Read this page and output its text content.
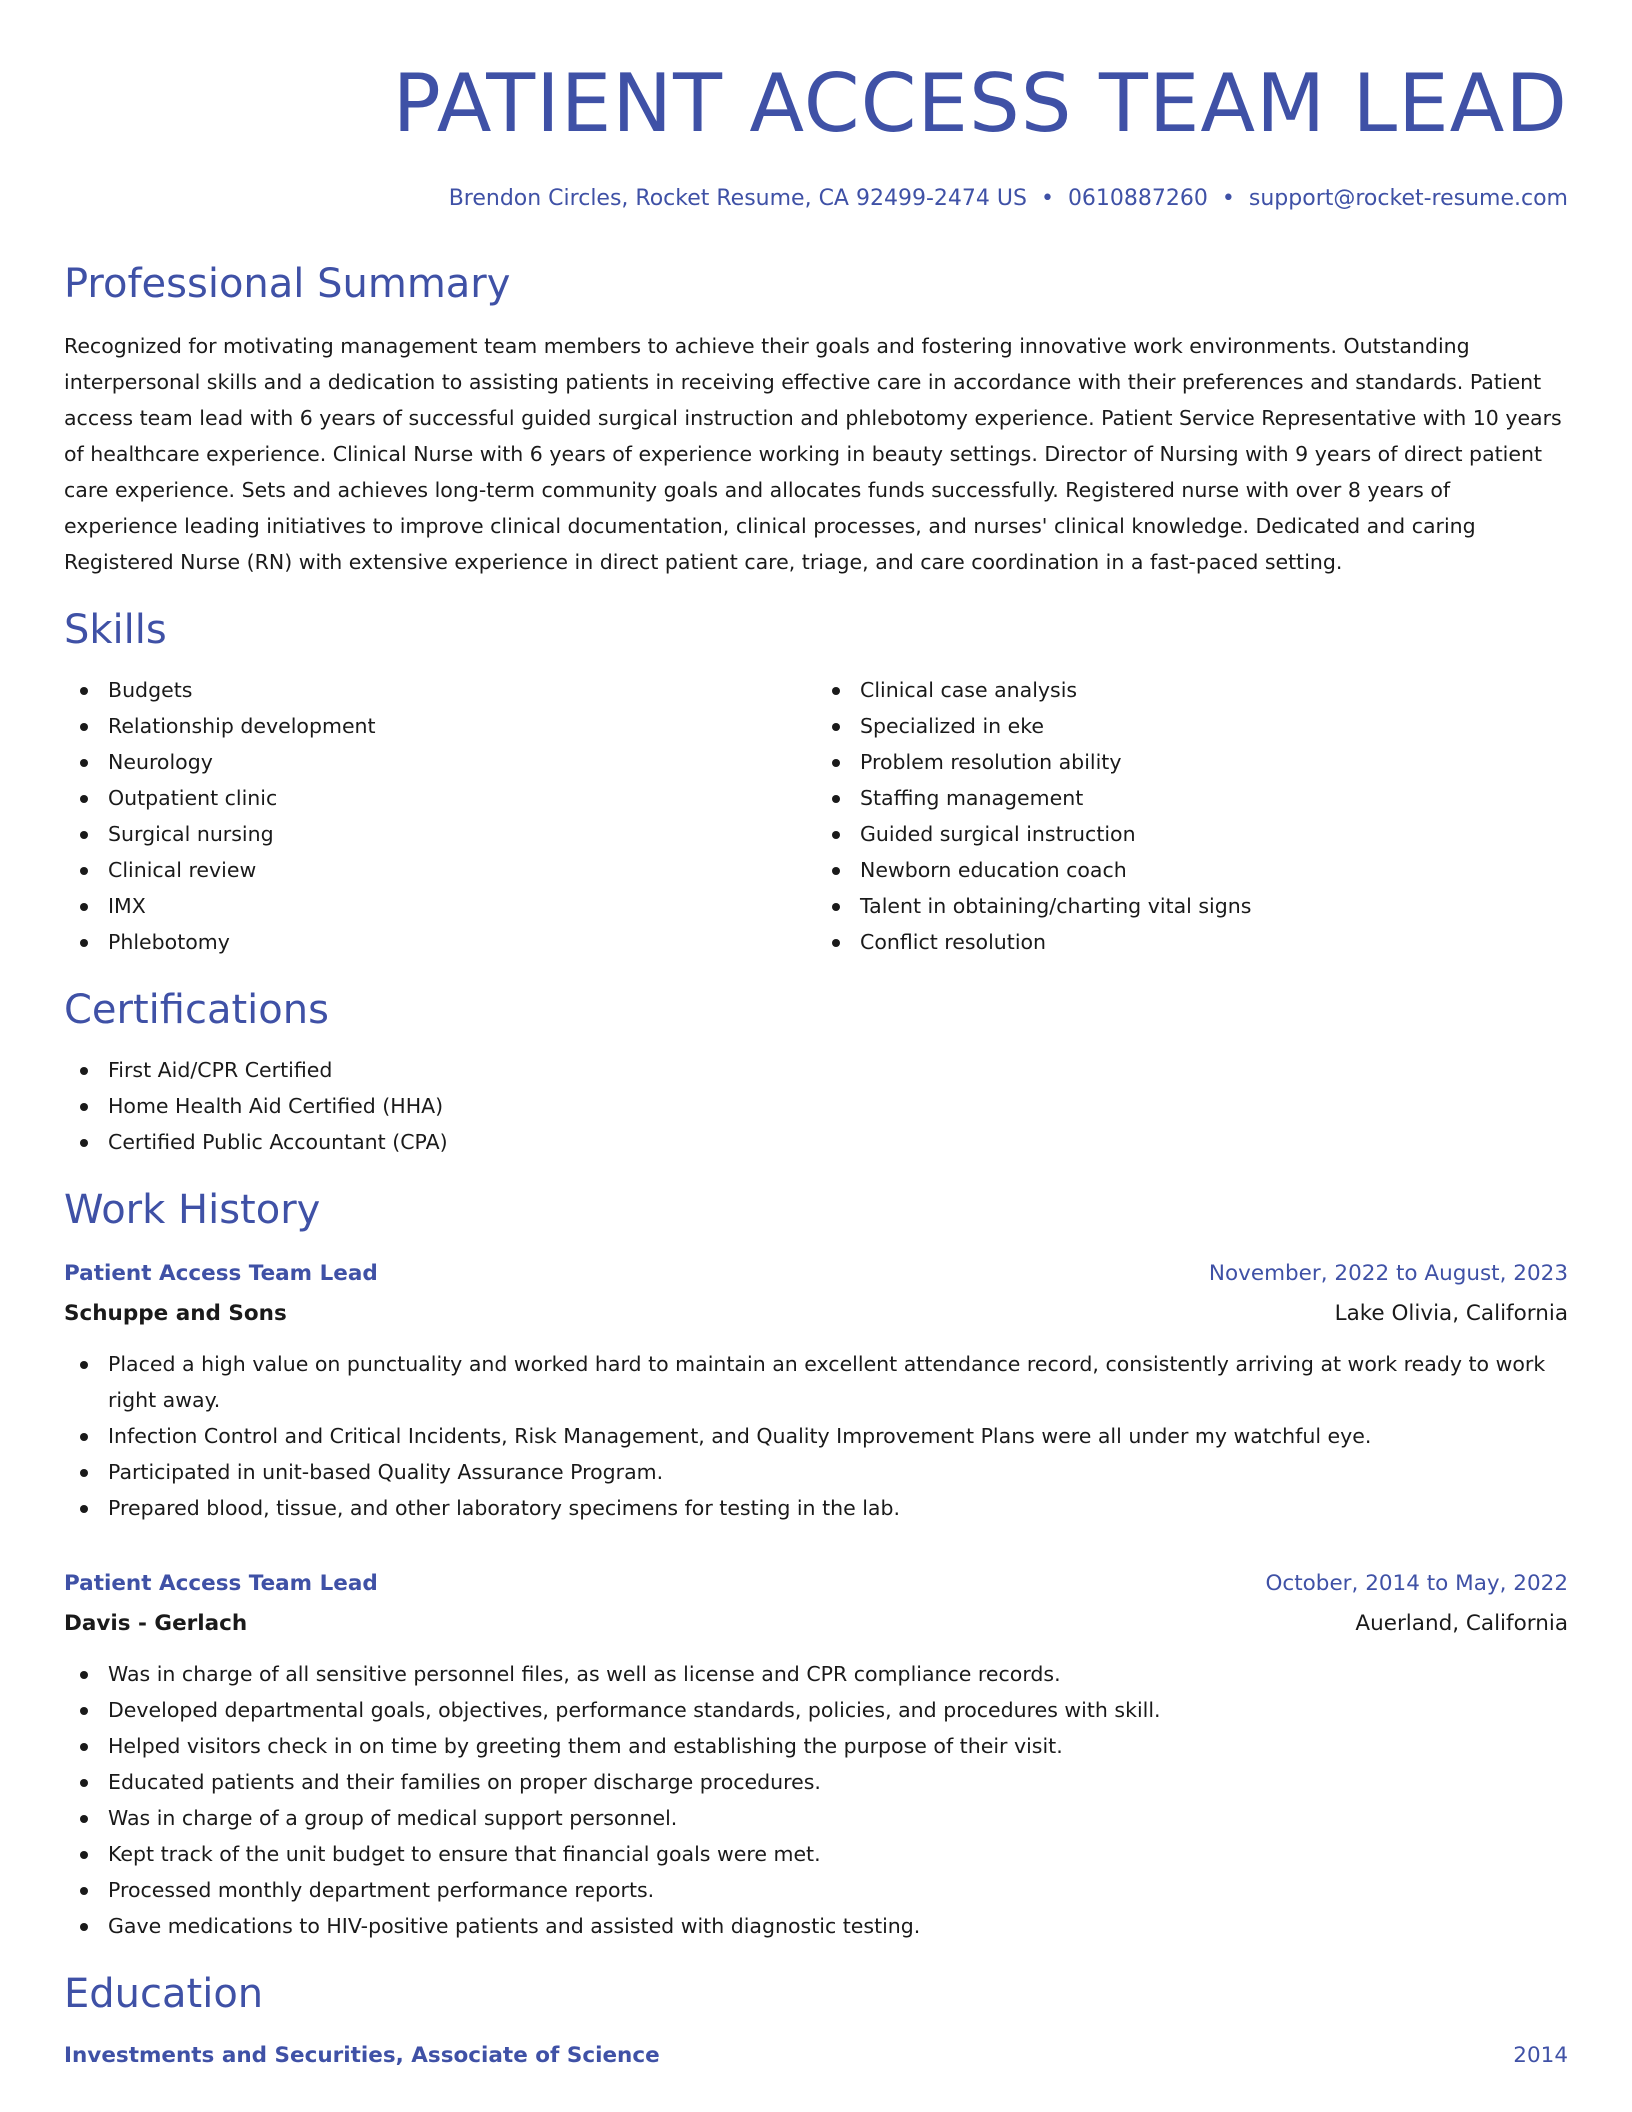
PATIENT ACCESS TEAM LEAD
Brendon Circles, Rocket Resume, CA 92499-2474 US • 0610887260 • support@rocket-resume.com
Professional Summary
Recognized for motivating management team members to achieve their goals and fostering innovative work environments. Outstanding interpersonal skills and a dedication to assisting patients in receiving effective care in accordance with their preferences and standards. Patient access team lead with 6 years of successful guided surgical instruction and phlebotomy experience. Patient Service Representative with 10 years of healthcare experience. Clinical Nurse with 6 years of experience working in beauty settings. Director of Nursing with 9 years of direct patient care experience. Sets and achieves long-term community goals and allocates funds successfully. Registered nurse with over 8 years of experience leading initiatives to improve clinical documentation, clinical processes, and nurses' clinical knowledge. Dedicated and caring Registered Nurse (RN) with extensive experience in direct patient care, triage, and care coordination in a fast-paced setting.
Skills
Budgets
Relationship development
Neurology
Outpatient clinic
Surgical nursing
Clinical review
IMX
Phlebotomy
Clinical case analysis
Specialized in eke
Problem resolution ability
Staffing management
Guided surgical instruction
Newborn education coach
Talent in obtaining/charting vital signs
Conflict resolution
Certifications
First Aid/CPR Certified
Home Health Aid Certified (HHA)
Certified Public Accountant (CPA)
Work History
Patient Access Team Lead	November, 2022 to August, 2023
Schuppe and Sons	Lake Olivia, California
Placed a high value on punctuality and worked hard to maintain an excellent attendance record, consistently arriving at work ready to work right away.
Infection Control and Critical Incidents, Risk Management, and Quality Improvement Plans were all under my watchful eye.
Participated in unit-based Quality Assurance Program.
Prepared blood, tissue, and other laboratory specimens for testing in the lab.
Patient Access Team Lead	October, 2014 to May, 2022
Davis - Gerlach	Auerland, California
Was in charge of all sensitive personnel files, as well as license and CPR compliance records.
Developed departmental goals, objectives, performance standards, policies, and procedures with skill.
Helped visitors check in on time by greeting them and establishing the purpose of their visit.
Educated patients and their families on proper discharge procedures.
Was in charge of a group of medical support personnel.
Kept track of the unit budget to ensure that financial goals were met.
Processed monthly department performance reports.
Gave medications to HIV-positive patients and assisted with diagnostic testing.
Education
Investments and Securities, Associate of Science	2014
